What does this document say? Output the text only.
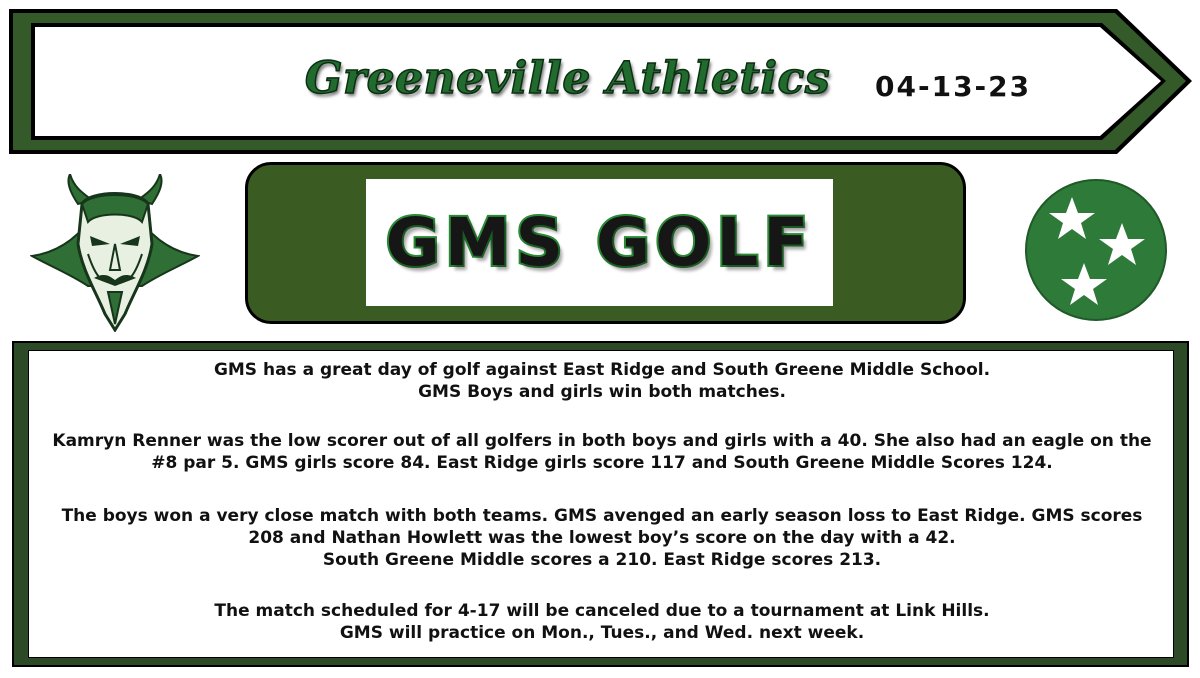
Greeneville Athletics 04-13-23
GMS GOLF
GMS has a great day of golf against East Ridge and South Greene Middle School.
GMS Boys and girls win both matches.
Kamryn Renner was the low scorer out of all golfers in both boys and girls with a 40. She also had an eagle on the
#8 par 5. GMS girls score 84. East Ridge girls score 117 and South Greene Middle Scores 124.
The boys won a very close match with both teams. GMS avenged an early season loss to East Ridge. GMS scores
208 and Nathan Howlett was the lowest boy’s score on the day with a 42.
South Greene Middle scores a 210. East Ridge scores 213.
The match scheduled for 4-17 will be canceled due to a tournament at Link Hills.
GMS will practice on Mon., Tues., and Wed. next week.
